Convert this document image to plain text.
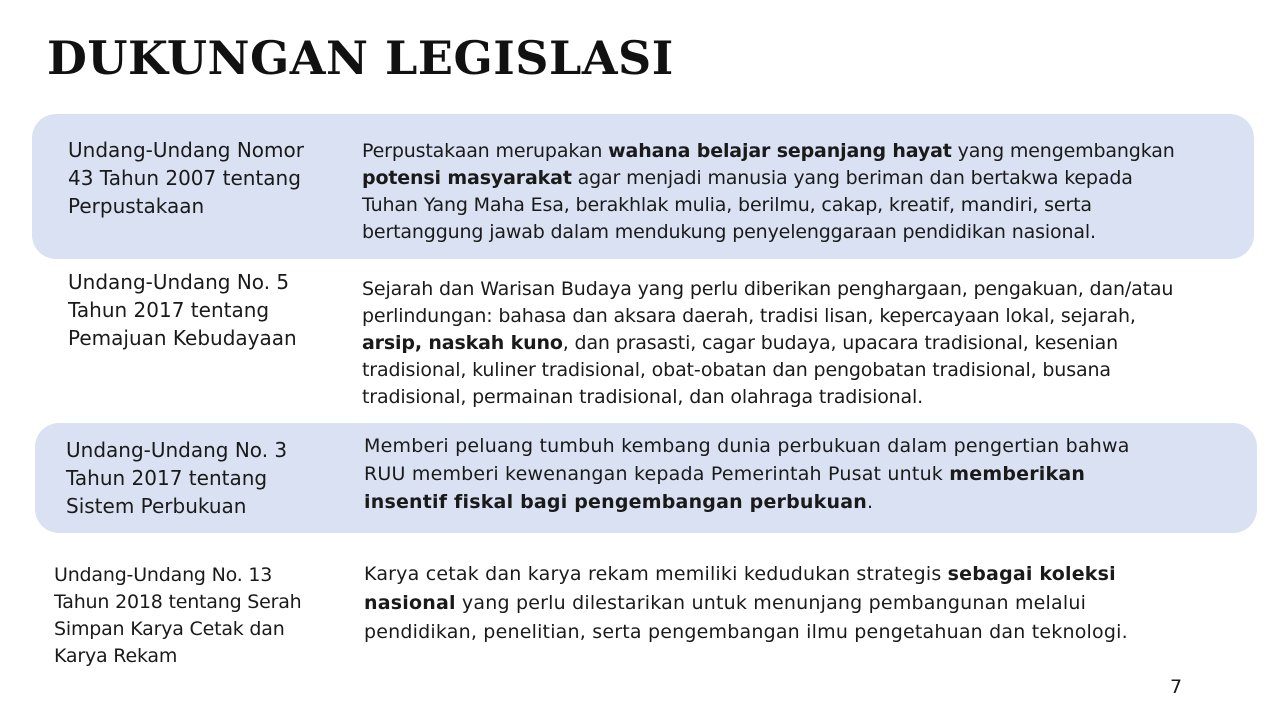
DUKUNGAN LEGISLASI
Undang-Undang Nomor
43 Tahun 2007 tentang
Perpustakaan
Perpustakaan merupakan wahana belajar sepanjang hayat yang mengembangkan
potensi masyarakat agar menjadi manusia yang beriman dan bertakwa kepada
Tuhan Yang Maha Esa, berakhlak mulia, berilmu, cakap, kreatif, mandiri, serta
bertanggung jawab dalam mendukung penyelenggaraan pendidikan nasional.
Undang-Undang No. 5
Tahun 2017 tentang
Pemajuan Kebudayaan
Sejarah dan Warisan Budaya yang perlu diberikan penghargaan, pengakuan, dan/atau
perlindungan: bahasa dan aksara daerah, tradisi lisan, kepercayaan lokal, sejarah,
arsip, naskah kuno, dan prasasti, cagar budaya, upacara tradisional, kesenian
tradisional, kuliner tradisional, obat-obatan dan pengobatan tradisional, busana
tradisional, permainan tradisional, dan olahraga tradisional.
Undang-Undang No. 3
Tahun 2017 tentang
Sistem Perbukuan
Memberi peluang tumbuh kembang dunia perbukuan dalam pengertian bahwa
RUU memberi kewenangan kepada Pemerintah Pusat untuk memberikan
insentif fiskal bagi pengembangan perbukuan.
Undang-Undang No. 13
Tahun 2018 tentang Serah
Simpan Karya Cetak dan
Karya Rekam
Karya cetak dan karya rekam memiliki kedudukan strategis sebagai koleksi
nasional yang perlu dilestarikan untuk menunjang pembangunan melalui
pendidikan, penelitian, serta pengembangan ilmu pengetahuan dan teknologi.
7
